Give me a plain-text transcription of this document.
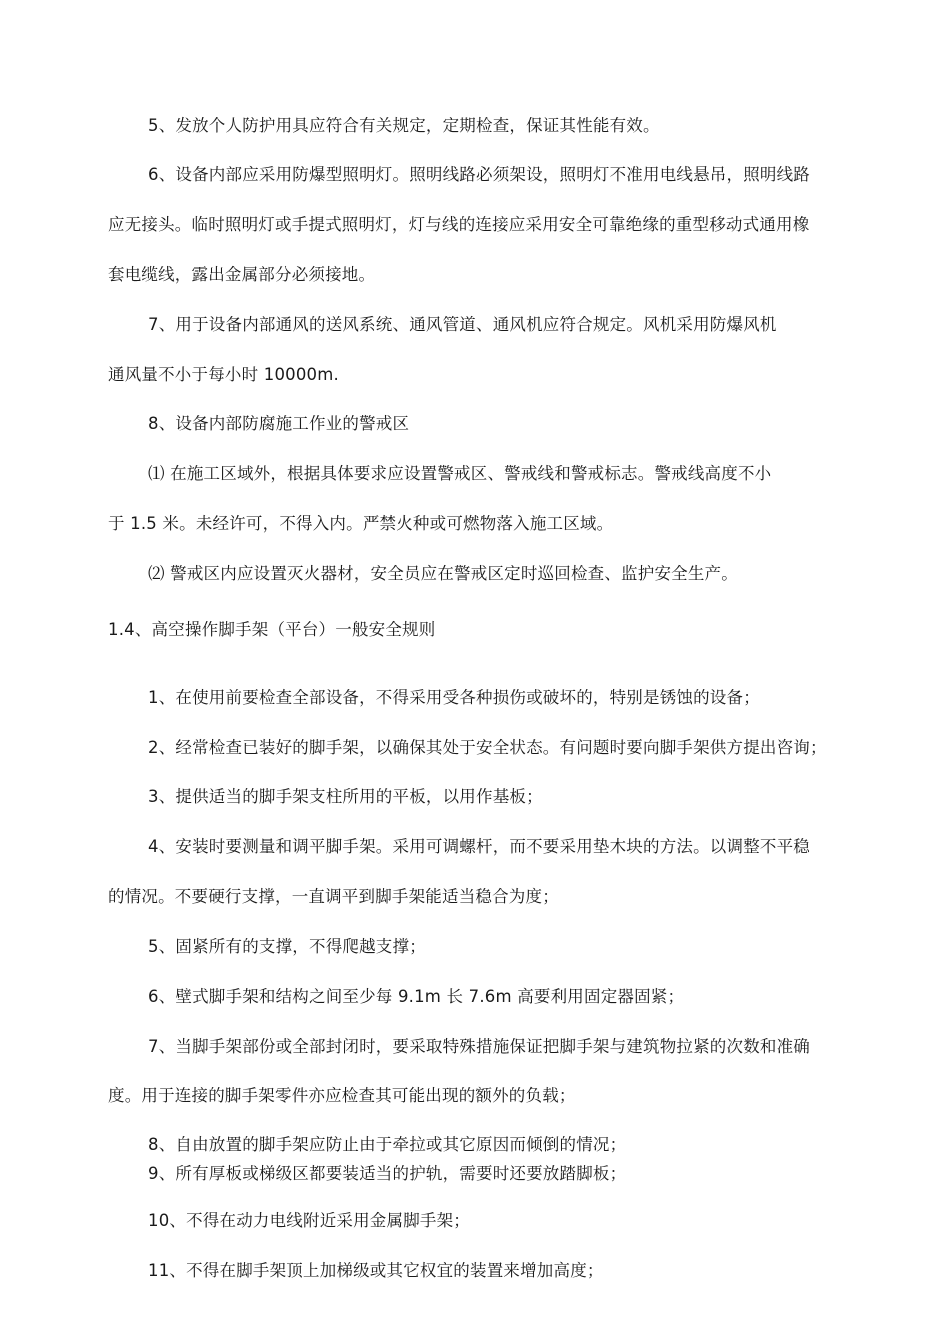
5、发放个人防护用具应符合有关规定，定期检查，保证其性能有效。
6、设备内部应采用防爆型照明灯。照明线路必须架设，照明灯不准用电线悬吊，照明线路
应无接头。临时照明灯或手提式照明灯，灯与线的连接应采用安全可靠绝缘的重型移动式通用橡
套电缆线，露出金属部分必须接地。
7、用于设备内部通风的送风系统、通风管道、通风机应符合规定。风机采用防爆风机
通风量不小于每小时 10000m.
8、设备内部防腐施工作业的警戒区
⑴ 在施工区域外，根据具体要求应设置警戒区、警戒线和警戒标志。警戒线高度不小
于 1.5 米。未经许可，不得入内。严禁火种或可燃物落入施工区域。
⑵ 警戒区内应设置灭火器材，安全员应在警戒区定时巡回检查、监护安全生产。
1.4、高空操作脚手架（平台）一般安全规则
1、在使用前要检查全部设备，不得采用受各种损伤或破坏的，特别是锈蚀的设备；
2、经常检查已装好的脚手架，以确保其处于安全状态。有问题时要向脚手架供方提出咨询；
3、提供适当的脚手架支柱所用的平板，以用作基板；
4、安装时要测量和调平脚手架。采用可调螺杆，而不要采用垫木块的方法。以调整不平稳
的情况。不要硬行支撑，一直调平到脚手架能适当稳合为度；
5、固紧所有的支撑，不得爬越支撑；
6、壁式脚手架和结构之间至少每 9.1m 长 7.6m 高要利用固定器固紧；
7、当脚手架部份或全部封闭时，要采取特殊措施保证把脚手架与建筑物拉紧的次数和准确
度。用于连接的脚手架零件亦应检查其可能出现的额外的负载；
8、自由放置的脚手架应防止由于牵拉或其它原因而倾倒的情况；
9、所有厚板或梯级区都要装适当的护轨，需要时还要放踏脚板；
10、不得在动力电线附近采用金属脚手架；
11、不得在脚手架顶上加梯级或其它权宜的装置来增加高度；
